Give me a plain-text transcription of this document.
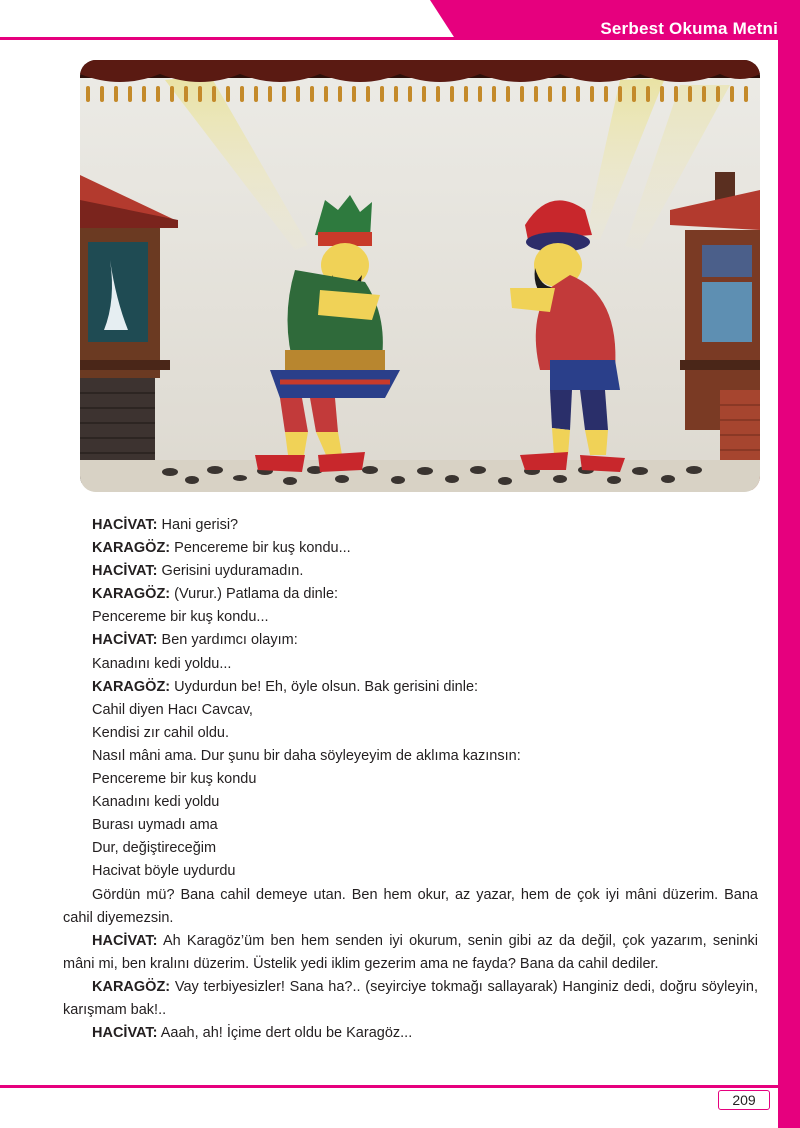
Serbest Okuma Metni
HACİVAT: Hani gerisi?
KARAGÖZ: Pencereme bir kuş kondu...
HACİVAT: Gerisini uyduramadın.
KARAGÖZ: (Vurur.) Patlama da dinle:
Pencereme bir kuş kondu...
HACİVAT: Ben yardımcı olayım:
Kanadını kedi yoldu...
KARAGÖZ: Uydurdun be! Eh, öyle olsun. Bak gerisini dinle:
Cahil diyen Hacı Cavcav,
Kendisi zır cahil oldu.
Nasıl mâni ama. Dur şunu bir daha söyleyeyim de aklıma kazınsın:
Pencereme bir kuş kondu
Kanadını kedi yoldu
Burası uymadı ama
Dur, değiştireceğim
Hacivat böyle uydurdu
Gördün mü? Bana cahil demeye utan. Ben hem okur, az yazar, hem de çok iyi mâni düzerim. Bana cahil diyemezsin.
HACİVAT: Ah Karagöz’üm ben hem senden iyi okurum, senin gibi az da değil, çok yazarım, seninki mâni mi, ben kralını düzerim. Üstelik yedi iklim gezerim ama ne fayda? Bana da cahil dediler.
KARAGÖZ: Vay terbiyesizler! Sana ha?.. (seyirciye tokmağı sallayarak) Hanginiz dedi, doğru söyleyin, karışmam bak!..
HACİVAT: Aaah, ah! İçime dert oldu be Karagöz...
209
